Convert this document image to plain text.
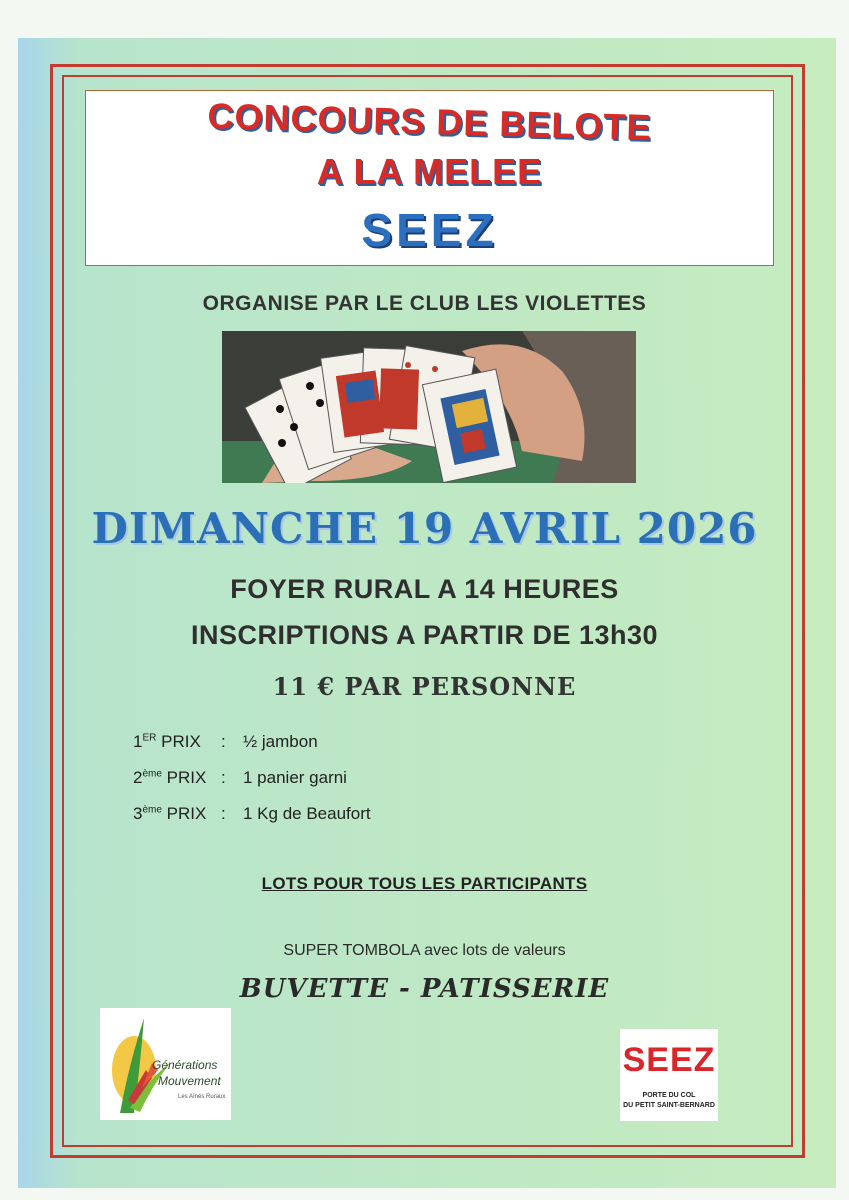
CONCOURS DE BELOTE
A LA MELEE
SEEZ
ORGANISE PAR LE CLUB LES VIOLETTES
DIMANCHE 19 AVRIL 2026
FOYER RURAL A 14 HEURES
INSCRIPTIONS A PARTIR DE 13h30
11 € PAR PERSONNE
1ER PRIX	:	½ jambon
2ème PRIX :	1 panier garni
3ème PRIX :	1 Kg de Beaufort
LOTS POUR TOUS LES PARTICIPANTS
SUPER TOMBOLA avec lots de valeurs
BUVETTE - PATISSERIE
Générations
Mouvement
Les Aînés Ruraux
SEEZ
PORTE DU COL
DU PETIT SAINT-BERNARD
